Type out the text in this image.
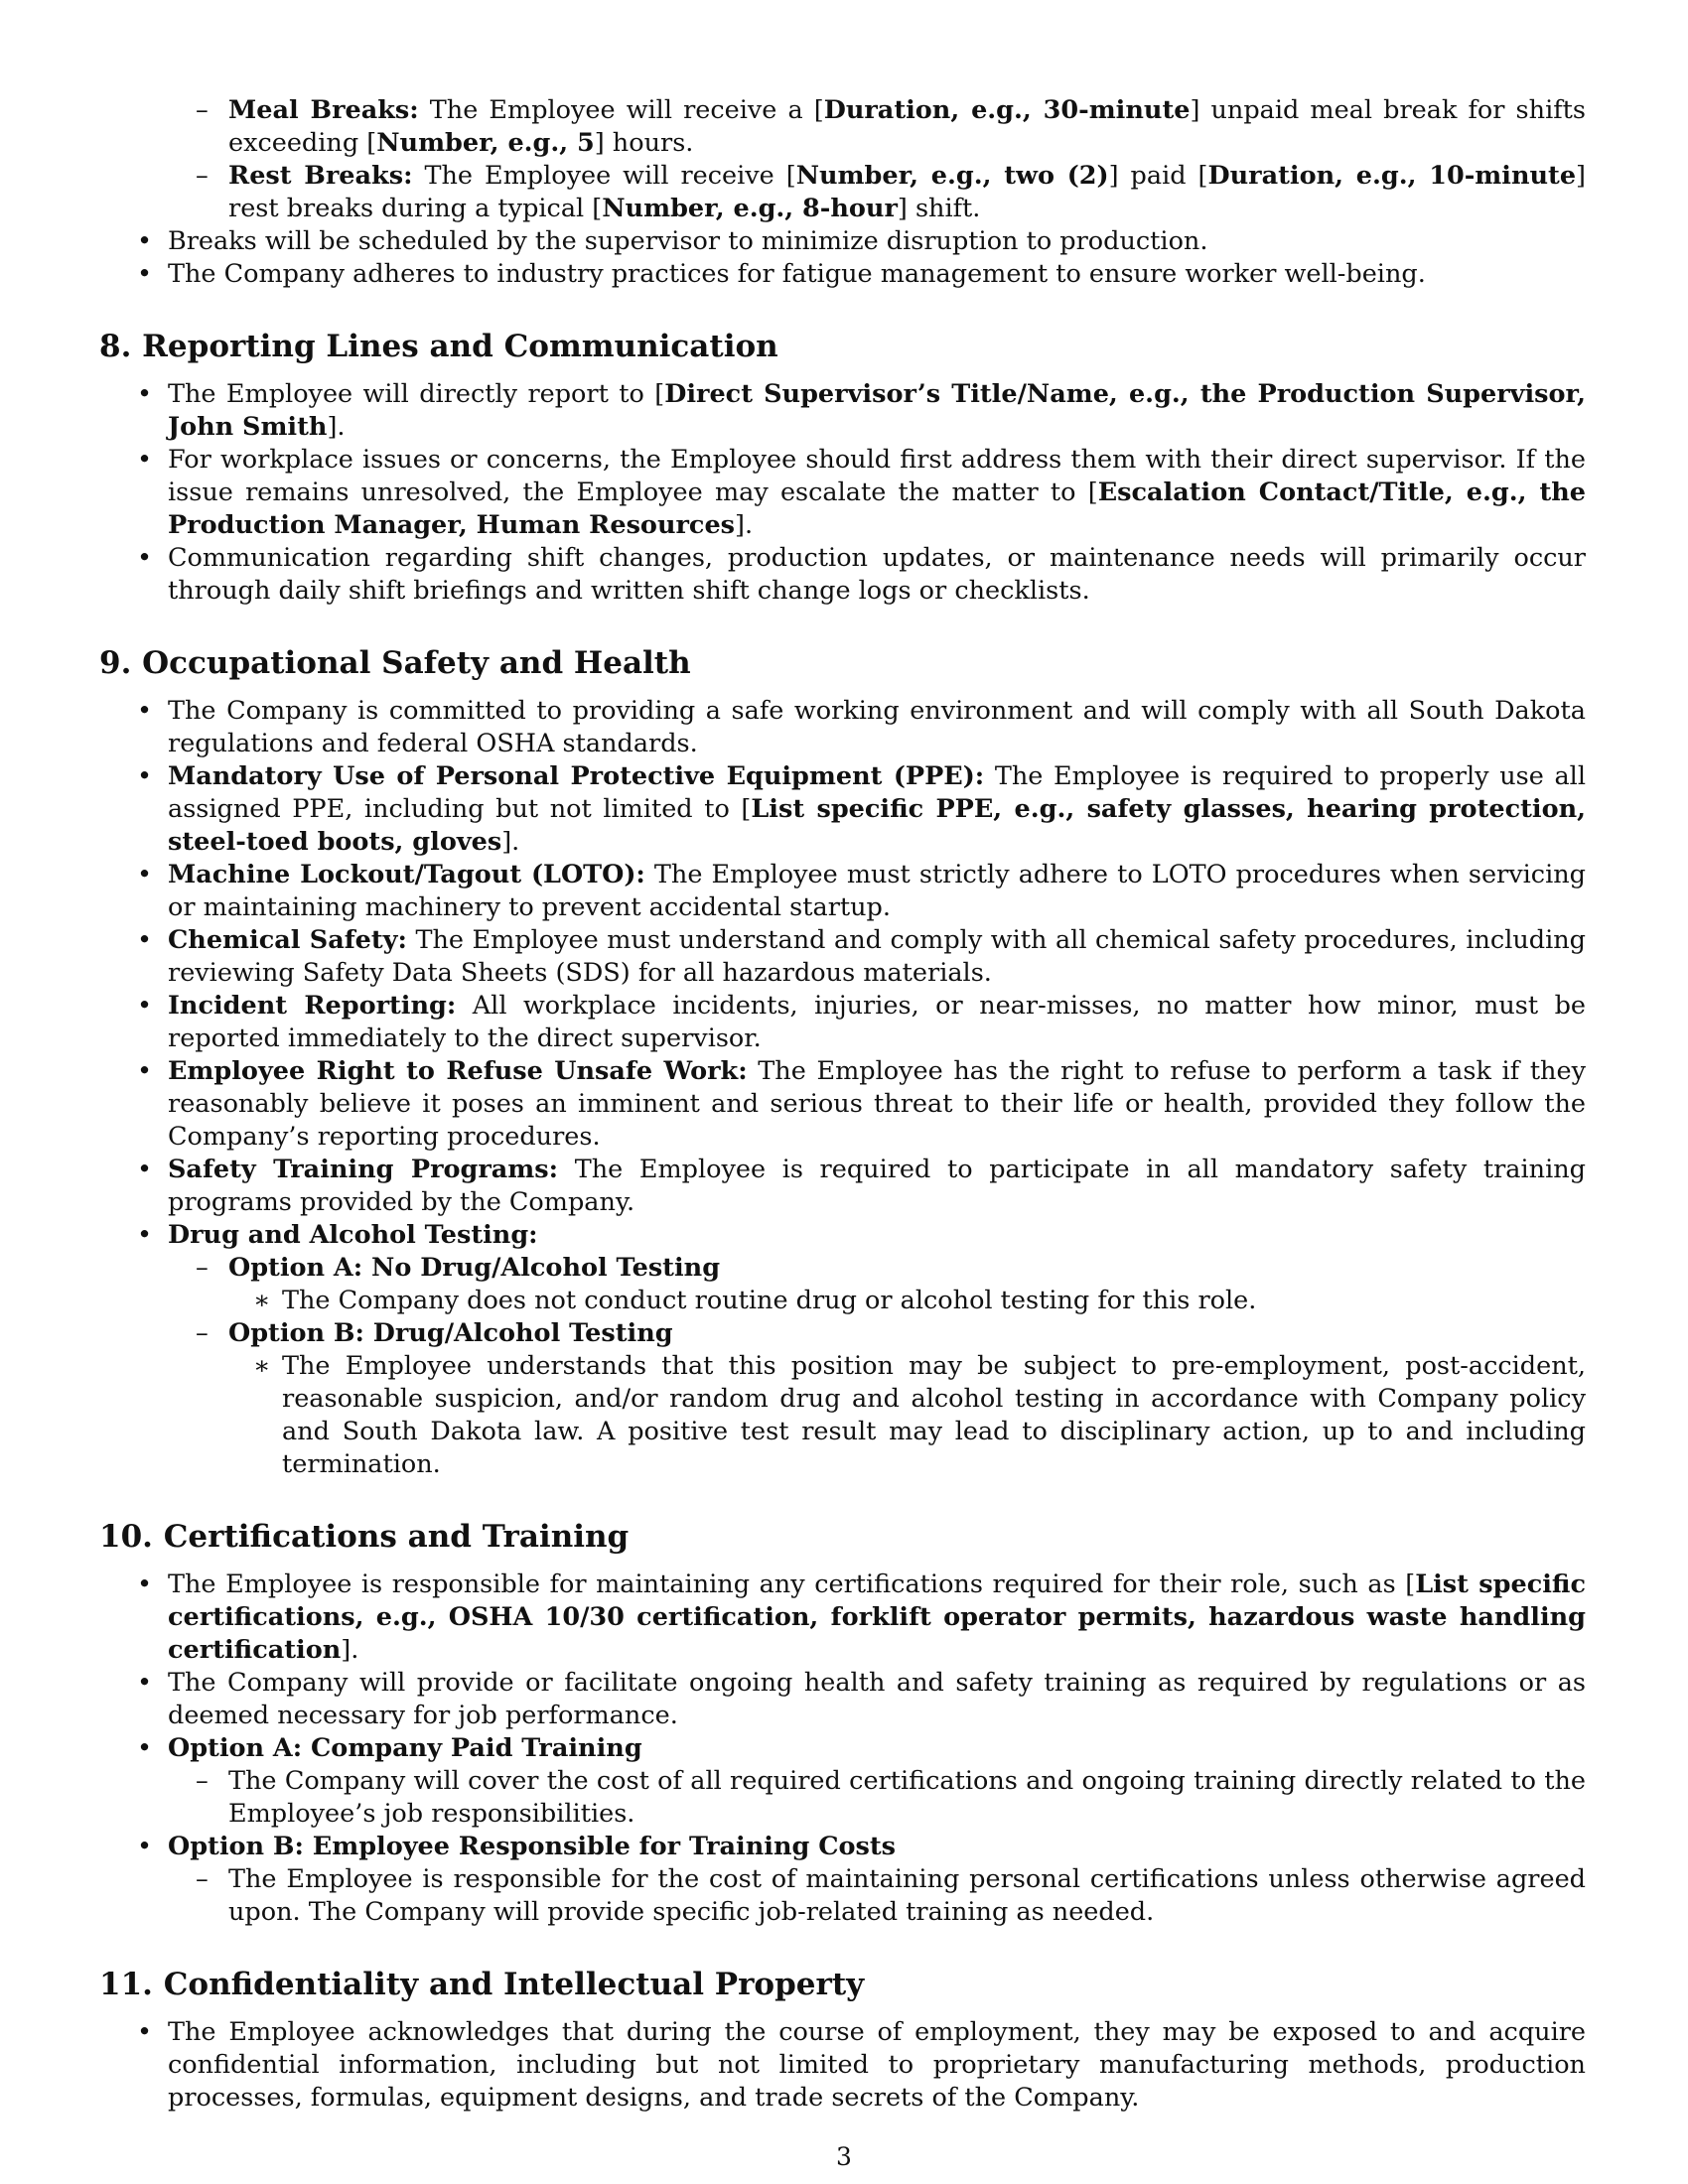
– Meal Breaks: The Employee will receive a [Duration, e.g., 30-minute] unpaid meal break for shifts exceeding [Number, e.g., 5] hours.
– Rest Breaks: The Employee will receive [Number, e.g., two (2)] paid [Duration, e.g., 10-minute] rest breaks during a typical [Number, e.g., 8-hour] shift.
• Breaks will be scheduled by the supervisor to minimize disruption to production.
• The Company adheres to industry practices for fatigue management to ensure worker well-being.
8. Reporting Lines and Communication
• The Employee will directly report to [Direct Supervisor’s Title/Name, e.g., the Production Supervisor, John Smith].
• For workplace issues or concerns, the Employee should first address them with their direct supervisor. If the issue remains unresolved, the Employee may escalate the matter to [Escalation Contact/Title, e.g., the Production Manager, Human Resources].
• Communication regarding shift changes, production updates, or maintenance needs will primarily occur through daily shift briefings and written shift change logs or checklists.
9. Occupational Safety and Health
• The Company is committed to providing a safe working environment and will comply with all South Dakota regulations and federal OSHA standards.
• Mandatory Use of Personal Protective Equipment (PPE): The Employee is required to properly use all assigned PPE, including but not limited to [List specific PPE, e.g., safety glasses, hearing protection, steel-toed boots, gloves].
• Machine Lockout/Tagout (LOTO): The Employee must strictly adhere to LOTO procedures when servicing or maintaining machinery to prevent accidental startup.
• Chemical Safety: The Employee must understand and comply with all chemical safety procedures, including reviewing Safety Data Sheets (SDS) for all hazardous materials.
• Incident Reporting: All workplace incidents, injuries, or near-misses, no matter how minor, must be reported immediately to the direct supervisor.
• Employee Right to Refuse Unsafe Work: The Employee has the right to refuse to perform a task if they reasonably believe it poses an imminent and serious threat to their life or health, provided they follow the Company’s reporting procedures.
• Safety Training Programs: The Employee is required to participate in all mandatory safety training programs provided by the Company.
• Drug and Alcohol Testing:
– Option A: No Drug/Alcohol Testing
∗ The Company does not conduct routine drug or alcohol testing for this role.
– Option B: Drug/Alcohol Testing
∗ The Employee understands that this position may be subject to pre-employment, post-accident, reasonable suspicion, and/or random drug and alcohol testing in accordance with Company policy and South Dakota law. A positive test result may lead to disciplinary action, up to and including termination.
10. Certifications and Training
• The Employee is responsible for maintaining any certifications required for their role, such as [List specific certifications, e.g., OSHA 10/30 certification, forklift operator permits, hazardous waste handling certification].
• The Company will provide or facilitate ongoing health and safety training as required by regulations or as deemed necessary for job performance.
• Option A: Company Paid Training
– The Company will cover the cost of all required certifications and ongoing training directly related to the Employee’s job responsibilities.
• Option B: Employee Responsible for Training Costs
– The Employee is responsible for the cost of maintaining personal certifications unless otherwise agreed upon. The Company will provide specific job-related training as needed.
11. Confidentiality and Intellectual Property
• The Employee acknowledges that during the course of employment, they may be exposed to and acquire confidential information, including but not limited to proprietary manufacturing methods, production processes, formulas, equipment designs, and trade secrets of the Company.
3
